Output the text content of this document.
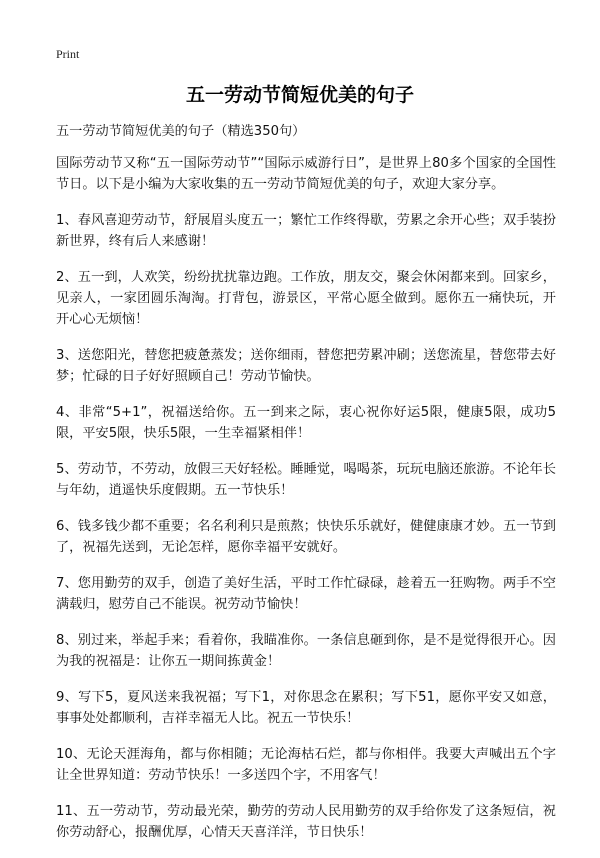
Print
五一劳动节简短优美的句子

五一劳动节简短优美的句子（精选350句）

国际劳动节又称“五一国际劳动节”“国际示威游行日”，是世界上80多个国家的全国性节日。以下是小编为大家收集的五一劳动节简短优美的句子，欢迎大家分享。

1、春风喜迎劳动节，舒展眉头度五一；繁忙工作终得歇，劳累之余开心些；双手装扮新世界，终有后人来感谢！

2、五一到，人欢笑，纷纷扰扰靠边跑。工作放，朋友交，聚会休闲都来到。回家乡，见亲人，一家团圆乐淘淘。打背包，游景区，平常心愿全做到。愿你五一痛快玩，开开心心无烦恼！

3、送您阳光，替您把疲惫蒸发；送你细雨，替您把劳累冲刷；送您流星，替您带去好梦；忙碌的日子好好照顾自己！劳动节愉快。

4、非常“5+1”，祝福送给你。五一到来之际，衷心祝你好运5限，健康5限，成功5限，平安5限，快乐5限，一生幸福紧相伴！

5、劳动节，不劳动，放假三天好轻松。睡睡觉，喝喝茶，玩玩电脑还旅游。不论年长与年幼，逍遥快乐度假期。五一节快乐！

6、钱多钱少都不重要；名名利利只是煎熬；快快乐乐就好，健健康康才妙。五一节到了，祝福先送到，无论怎样，愿你幸福平安就好。

7、您用勤劳的双手，创造了美好生活，平时工作忙碌碌，趁着五一狂购物。两手不空满载归，慰劳自己不能误。祝劳动节愉快！

8、别过来，举起手来；看着你，我瞄准你。一条信息砸到你，是不是觉得很开心。因为我的祝福是：让你五一期间拣黄金！

9、写下5，夏风送来我祝福；写下1，对你思念在累积；写下51，愿你平安又如意，事事处处都顺利，吉祥幸福无人比。祝五一节快乐！

10、无论天涯海角，都与你相随；无论海枯石烂，都与你相伴。我要大声喊出五个字让全世界知道：劳动节快乐！一多送四个字，不用客气！

11、五一劳动节，劳动最光荣，勤劳的劳动人民用勤劳的双手给你发了这条短信，祝你劳动舒心，报酬优厚，心情天天喜洋洋，节日快乐！
